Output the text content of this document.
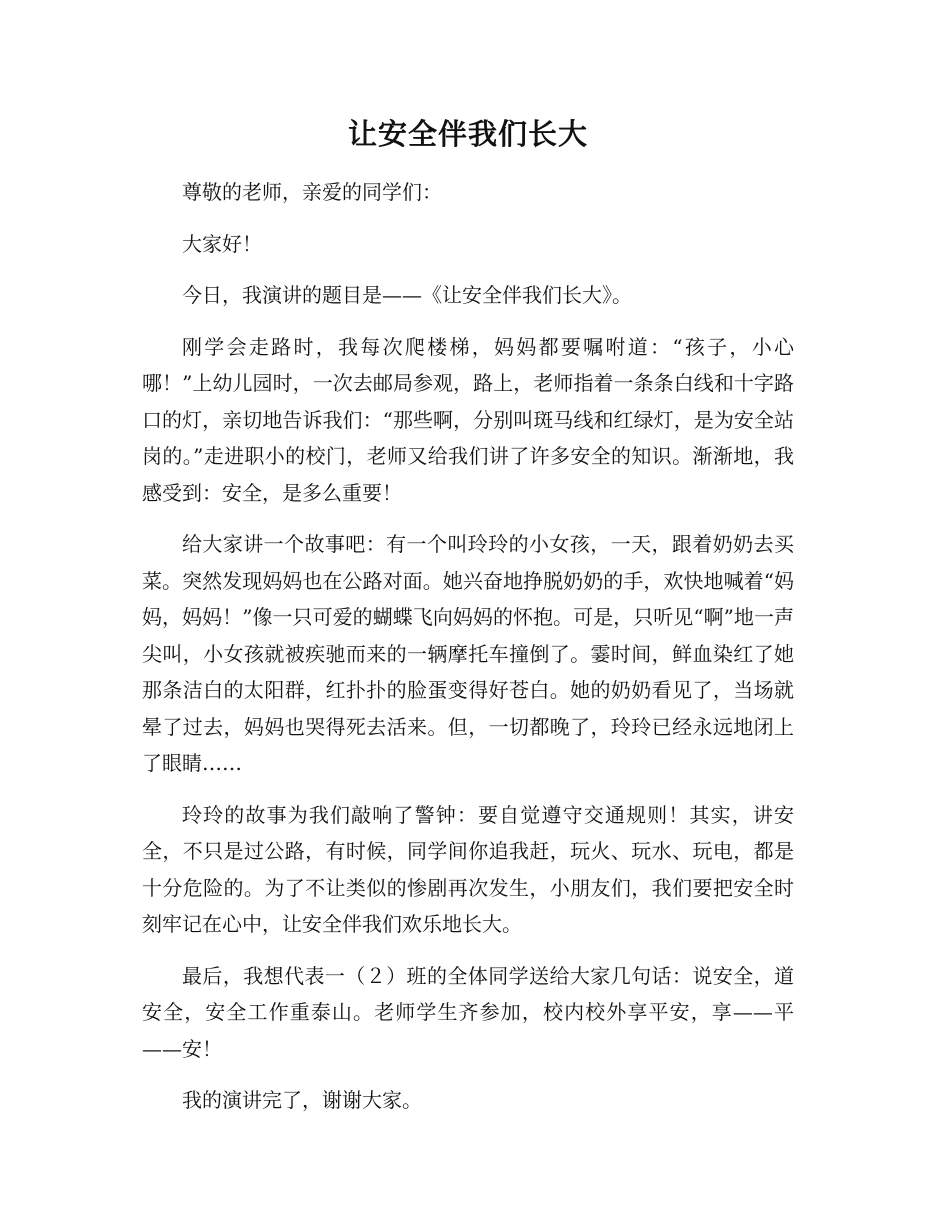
让安全伴我们长大

尊敬的老师，亲爱的同学们：

大家好！

今日，我演讲的题目是——《让安全伴我们长大》。

刚学会走路时，我每次爬楼梯，妈妈都要嘱咐道：“孩子，小心哪！”上幼儿园时，一次去邮局参观，路上，老师指着一条条白线和十字路口的灯，亲切地告诉我们：“那些啊，分别叫斑马线和红绿灯，是为安全站岗的。”走进职小的校门，老师又给我们讲了许多安全的知识。渐渐地，我感受到：安全，是多么重要！

给大家讲一个故事吧：有一个叫玲玲的小女孩，一天，跟着奶奶去买菜。突然发现妈妈也在公路对面。她兴奋地挣脱奶奶的手，欢快地喊着“妈妈，妈妈！”像一只可爱的蝴蝶飞向妈妈的怀抱。可是，只听见“啊”地一声尖叫，小女孩就被疾驰而来的一辆摩托车撞倒了。霎时间，鲜血染红了她那条洁白的太阳群，红扑扑的脸蛋变得好苍白。她的奶奶看见了，当场就晕了过去，妈妈也哭得死去活来。但，一切都晚了，玲玲已经永远地闭上了眼睛……

玲玲的故事为我们敲响了警钟：要自觉遵守交通规则！其实，讲安全，不只是过公路，有时候，同学间你追我赶，玩火、玩水、玩电，都是十分危险的。为了不让类似的惨剧再次发生，小朋友们，我们要把安全时刻牢记在心中，让安全伴我们欢乐地长大。

最后，我想代表一（２）班的全体同学送给大家几句话：说安全，道安全，安全工作重泰山。老师学生齐参加，校内校外享平安，享——平——安！

我的演讲完了，谢谢大家。
